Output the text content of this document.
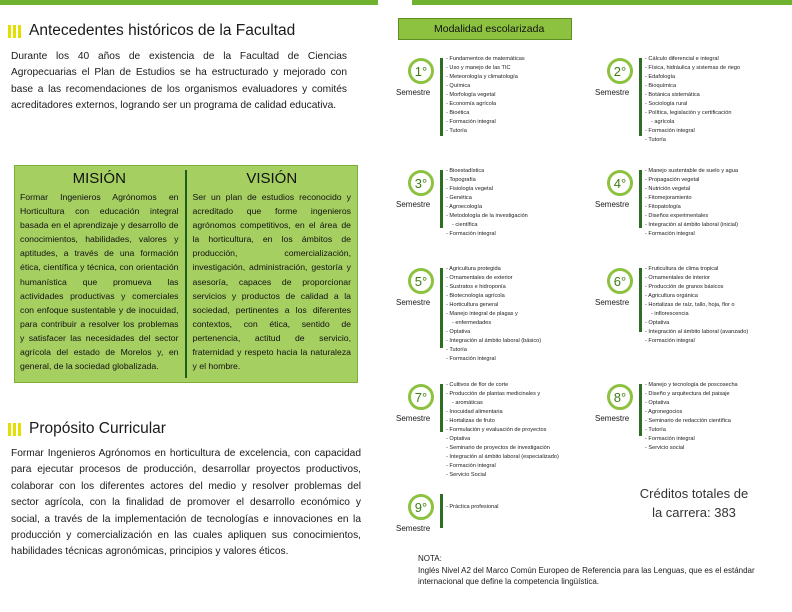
Antecedentes históricos de la Facultad

Durante los 40 años de existencia de la Facultad de Ciencias Agropecuarias el Plan de Estudios se ha estructurado y mejorado con base a las recomendaciones de los organismos evaluadores y comités acreditadores externos, logrando ser un programa de calidad educativa.

MISIÓN

Formar Ingenieros Agrónomos en Horticultura con educación integral basada en el aprendizaje y desarrollo de conocimientos, habilidades, valores y aptitudes, a través de una formación ética, científica y técnica, con orientación humanística que promueva las actividades productivas y comerciales con enfoque sustentable y de inocuidad, para contribuir a resolver los problemas y satisfacer las necesidades del sector agrícola del estado de Morelos y, en general, de la sociedad globalizada.

VISIÓN

Ser un plan de estudios reconocido y acreditado que forme ingenieros agrónomos competitivos, en el área de la horticultura, en los ámbitos de producción, comercialización, investigación, administración, gestoría y asesoría, capaces de proporcionar servicios y productos de calidad a la sociedad, pertinentes a los diferentes contextos, con ética, sentido de pertenencia, actitud de servicio, fraternidad y respeto hacia la naturaleza y el hombre.

Propósito Curricular

Formar Ingenieros Agrónomos en horticultura de excelencia, con capacidad para ejecutar procesos de producción, desarrollar proyectos productivos, colaborar con los diferentes actores del medio y resolver problemas del sector agrícola, con la finalidad de promover el desarrollo económico y social, a través de la implementación de tecnologías e innovaciones en la producción y comercialización en las cuales apliquen sus conocimientos, habilidades técnicas agronómicas, principios y valores éticos.

Modalidad escolarizada
1°
Semestre
- Fundamentos de matemáticas
- Uso y manejo de las TIC
- Meteorología y climatología
- Química
- Morfología vegetal
- Economía agrícola
- Bioética
- Formación integral
- Tutoría
2°
Semestre
- Cálculo diferencial e integral
- Física, hidráulica y sistemas de riego
- Edafología
- Bioquímica
- Botánica sistemática
- Sociología rural
- Política, legislación y certificación
- agrícola
- Formación integral
- Tutoría
3°
Semestre
- Bioestadística
- Topografía
- Fisiología vegetal
- Genética
- Agroecología
- Metodología de la investigación
- científica
- Formación integral
4°
Semestre
- Manejo sustentable de suelo y agua
- Propagación vegetal
- Nutrición vegetal
- Fitomejoramiento
- Fitopatología
- Diseños experimentales
- Integración al ámbito laboral (inicial)
- Formación integral
5°
Semestre
- Agricultura protegida
- Ornamentales de exterior
- Sustratos e hidroponía
- Biotecnología agrícola
- Horticultura general
- Manejo integral de plagas y
- enfermedades
- Optativa
- Integración al ámbito laboral (básico)
- Tutoría
- Formación integral
6°
Semestre
- Fruticultura de clima tropical
- Ornamentales de interior
- Producción de granos básicos
- Agricultura orgánica
- Hortalizas de raíz, tallo, hoja, flor o
- inflorescencia
- Optativa
- Integración al ámbito laboral (avanzado)
- Formación integral
7°
Semestre
- Cultivos de flor de corte
- Producción de plantas medicinales y
- aromáticas
- Inocuidad alimentaria
- Hortalizas de fruto
- Formulación y evaluación de proyectos
- Optativa
- Seminario de proyectos de investigación
- Integración al ámbito laboral (especializado)
- Formación integral
- Servicio Social
8°
Semestre
- Manejo y tecnología de poscosecha
- Diseño y arquitectura del paisaje
- Optativa
- Agronegocios
- Seminario de redacción científica
- Tutoría
- Formación integral
- Servicio social
9°
Semestre
- Práctica profesional
Créditos totales de
la carrera: 383
NOTA:
Inglés Nivel A2 del Marco Común Europeo de Referencia para las Lenguas, que es el estándar internacional que define la competencia lingüística.
